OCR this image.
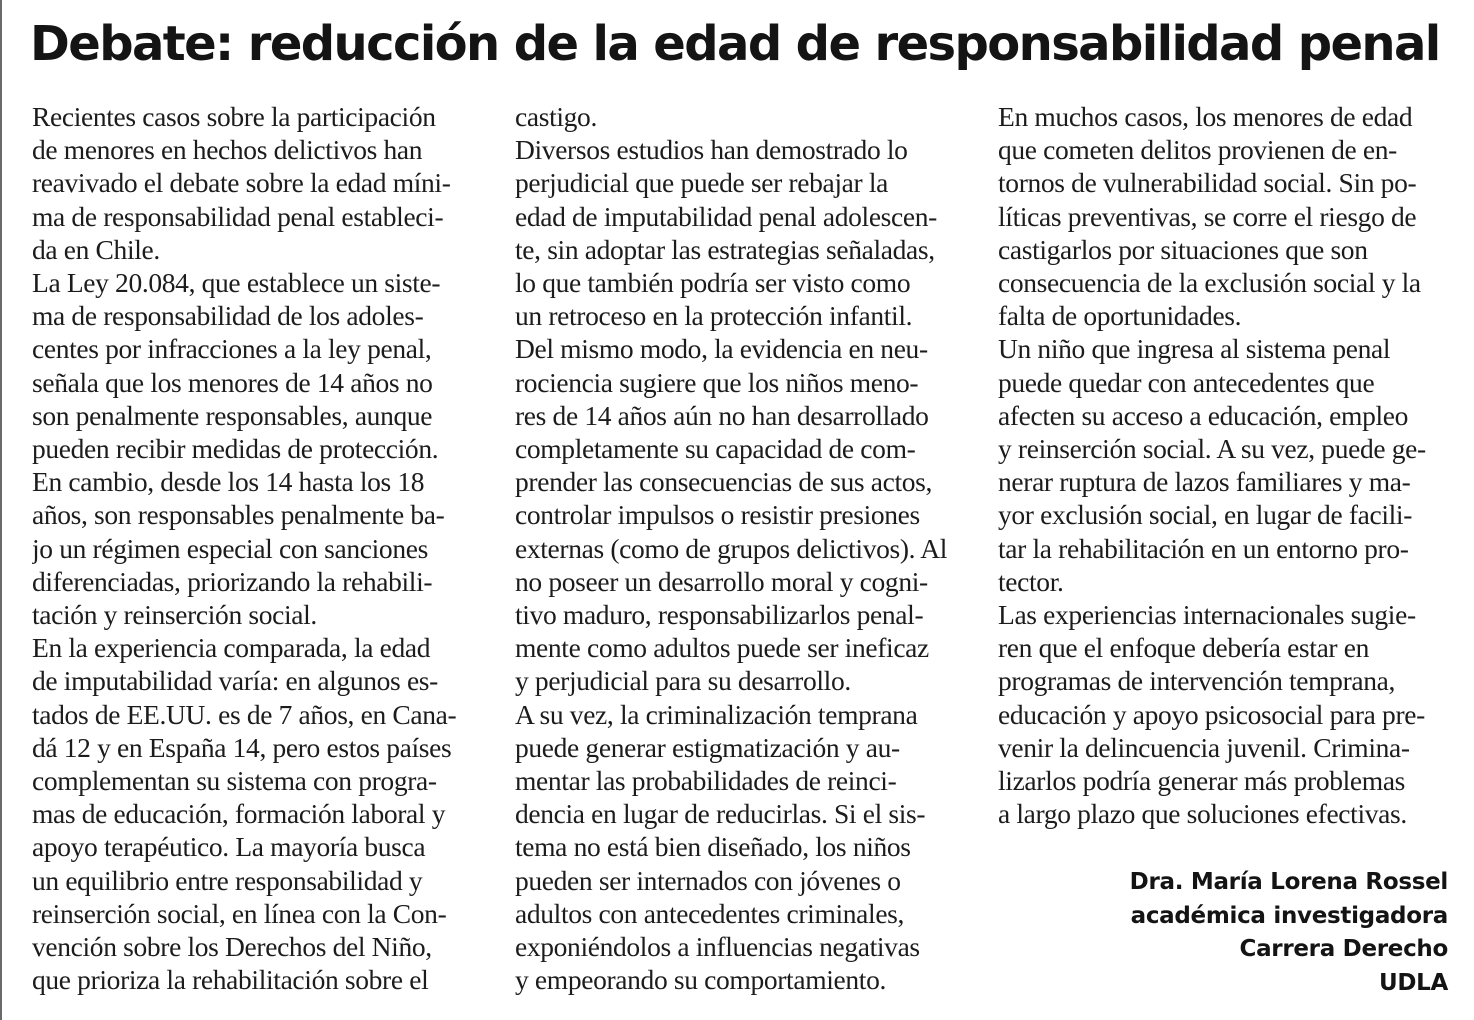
Debate: reducción de la edad de responsabilidad penal
Recientes casos sobre la participación
de menores en hechos delictivos han
reavivado el debate sobre la edad míni-
ma de responsabilidad penal estableci-
da en Chile.
La Ley 20.084, que establece un siste-
ma de responsabilidad de los adoles-
centes por infracciones a la ley penal,
señala que los menores de 14 años no
son penalmente responsables, aunque
pueden recibir medidas de protección.
En cambio, desde los 14 hasta los 18
años, son responsables penalmente ba-
jo un régimen especial con sanciones
diferenciadas, priorizando la rehabili-
tación y reinserción social.
En la experiencia comparada, la edad
de imputabilidad varía: en algunos es-
tados de EE.UU. es de 7 años, en Cana-
dá 12 y en España 14, pero estos países
complementan su sistema con progra-
mas de educación, formación laboral y
apoyo terapéutico. La mayoría busca
un equilibrio entre responsabilidad y
reinserción social, en línea con la Con-
vención sobre los Derechos del Niño,
que prioriza la rehabilitación sobre el
castigo.
Diversos estudios han demostrado lo
perjudicial que puede ser rebajar la
edad de imputabilidad penal adolescen-
te, sin adoptar las estrategias señaladas,
lo que también podría ser visto como
un retroceso en la protección infantil.
Del mismo modo, la evidencia en neu-
rociencia sugiere que los niños meno-
res de 14 años aún no han desarrollado
completamente su capacidad de com-
prender las consecuencias de sus actos,
controlar impulsos o resistir presiones
externas (como de grupos delictivos). Al
no poseer un desarrollo moral y cogni-
tivo maduro, responsabilizarlos penal-
mente como adultos puede ser ineficaz
y perjudicial para su desarrollo.
A su vez, la criminalización temprana
puede generar estigmatización y au-
mentar las probabilidades de reinci-
dencia en lugar de reducirlas. Si el sis-
tema no está bien diseñado, los niños
pueden ser internados con jóvenes o
adultos con antecedentes criminales,
exponiéndolos a influencias negativas
y empeorando su comportamiento.
En muchos casos, los menores de edad
que cometen delitos provienen de en-
tornos de vulnerabilidad social. Sin po-
líticas preventivas, se corre el riesgo de
castigarlos por situaciones que son
consecuencia de la exclusión social y la
falta de oportunidades.
Un niño que ingresa al sistema penal
puede quedar con antecedentes que
afecten su acceso a educación, empleo
y reinserción social. A su vez, puede ge-
nerar ruptura de lazos familiares y ma-
yor exclusión social, en lugar de facili-
tar la rehabilitación en un entorno pro-
tector.
Las experiencias internacionales sugie-
ren que el enfoque debería estar en
programas de intervención temprana,
educación y apoyo psicosocial para pre-
venir la delincuencia juvenil. Crimina-
lizarlos podría generar más problemas
a largo plazo que soluciones efectivas.
Dra. María Lorena Rossel
académica investigadora
Carrera Derecho
UDLA
